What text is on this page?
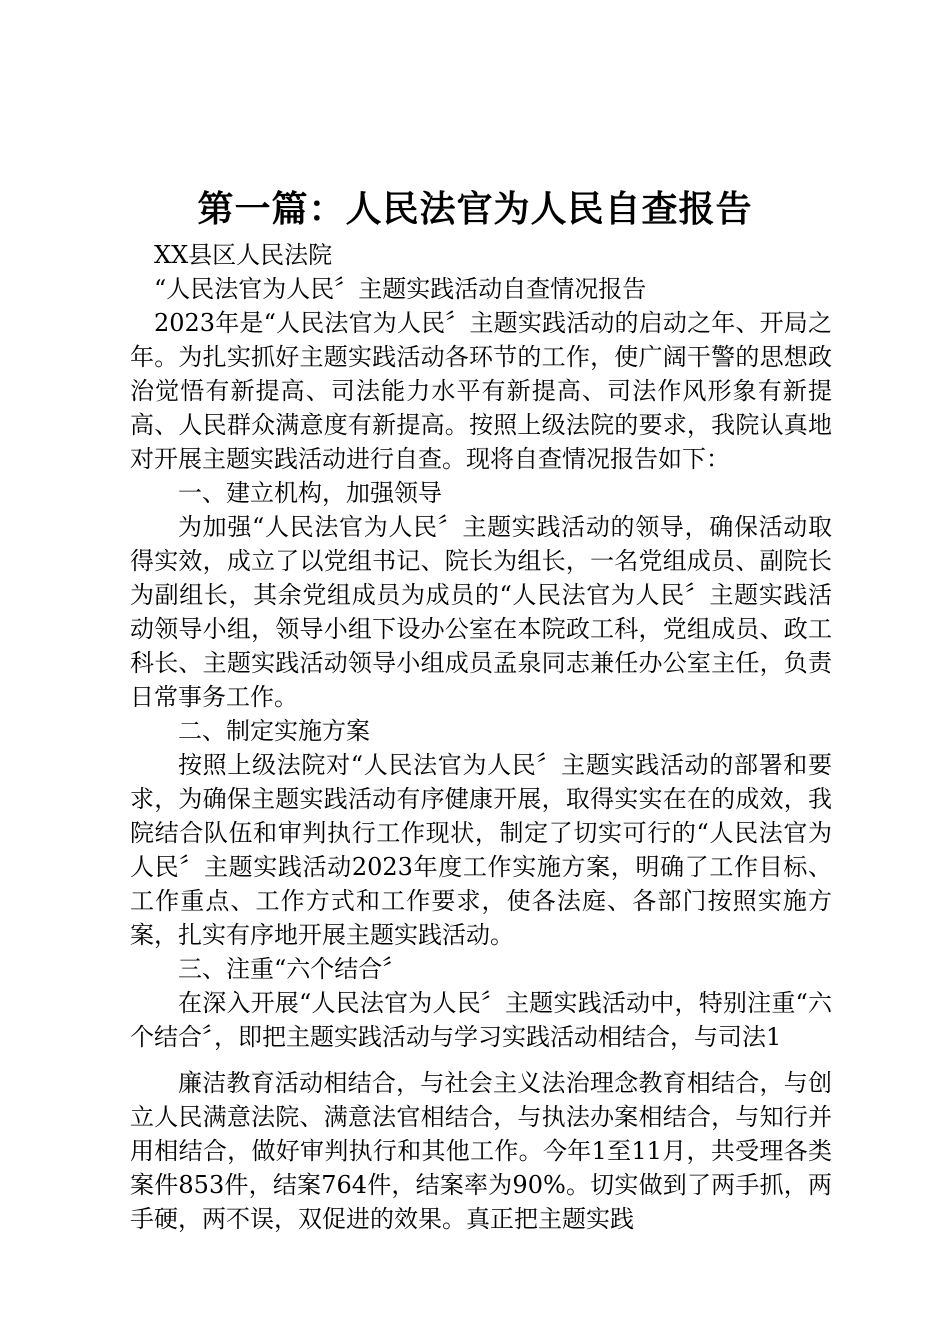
第一篇：人民法官为人民自查报告

XX县区人民法院

“人民法官为人民〞主题实践活动自查情况报告

2023年是“人民法官为人民〞主题实践活动的启动之年、开局之年。为扎实抓好主题实践活动各环节的工作，使广阔干警的思想政治觉悟有新提高、司法能力水平有新提高、司法作风形象有新提高、人民群众满意度有新提高。按照上级法院的要求，我院认真地对开展主题实践活动进行自查。现将自查情况报告如下：

一、建立机构，加强领导

为加强“人民法官为人民〞主题实践活动的领导，确保活动取得实效，成立了以党组书记、院长为组长，一名党组成员、副院长为副组长，其余党组成员为成员的“人民法官为人民〞主题实践活动领导小组，领导小组下设办公室在本院政工科，党组成员、政工科长、主题实践活动领导小组成员孟泉同志兼任办公室主任，负责日常事务工作。

二、制定实施方案

按照上级法院对“人民法官为人民〞主题实践活动的部署和要求，为确保主题实践活动有序健康开展，取得实实在在的成效，我院结合队伍和审判执行工作现状，制定了切实可行的“人民法官为人民〞主题实践活动2023年度工作实施方案，明确了工作目标、工作重点、工作方式和工作要求，使各法庭、各部门按照实施方案，扎实有序地开展主题实践活动。

三、注重“六个结合〞

在深入开展“人民法官为人民〞主题实践活动中，特别注重“六个结合〞，即把主题实践活动与学习实践活动相结合，与司法1

廉洁教育活动相结合，与社会主义法治理念教育相结合，与创立人民满意法院、满意法官相结合，与执法办案相结合，与知行并用相结合，做好审判执行和其他工作。今年1至11月，共受理各类案件853件，结案764件，结案率为90%。切实做到了两手抓，两手硬，两不误，双促进的效果。真正把主题实践
